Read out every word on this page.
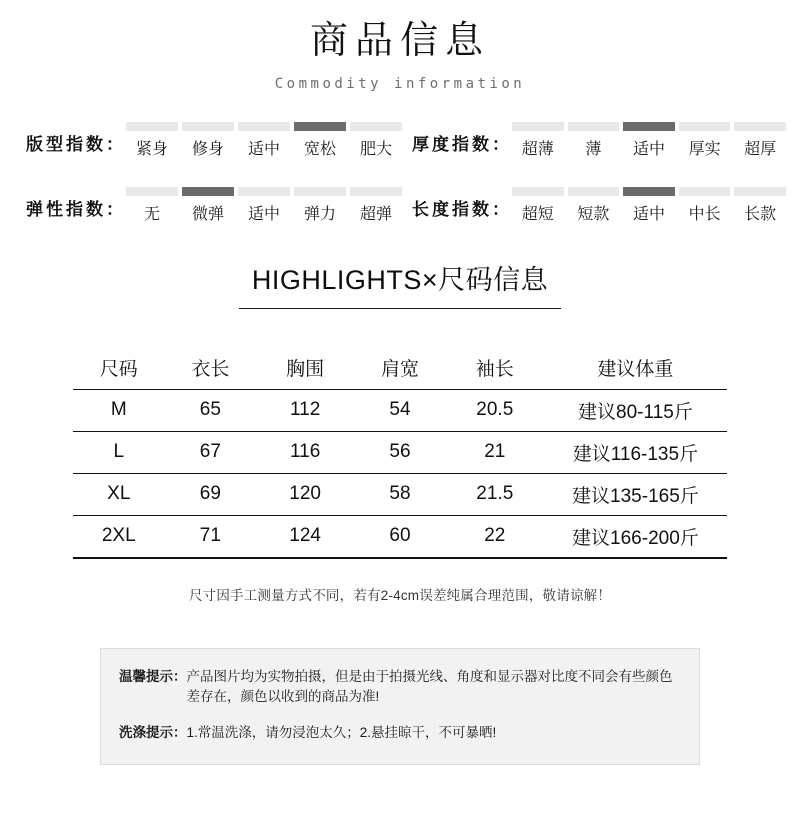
商品信息
Commodity information
版型指数： 紧身	修身	适中	宽松	肥大	厚度指数： 超薄	薄	适中	厚实	超厚
弹性指数：	无	微弹	适中	弹力	超弹	长度指数： 超短	短款	适中	中长	长款
HIGHLIGHTS×尺码信息
尺码	衣长	胸围	肩宽	袖长	建议体重
M	65	112	54	20.5	建议80-115斤
L	67	116	56	21	建议116-135斤
XL	69	120	58	21.5	建议135-165斤
2XL	71	124	60	22	建议166-200斤
尺寸因手工测量方式不同，若有2-4cm误差纯属合理范围，敬请谅解！
温馨提示： 产品图片均为实物拍摄，但是由于拍摄光线、角度和显示器对比度不同会有些颜色差存在，颜色以收到的商品为准!
洗涤提示： 1.常温洗涤，请勿浸泡太久；2.悬挂晾干，不可暴晒!
